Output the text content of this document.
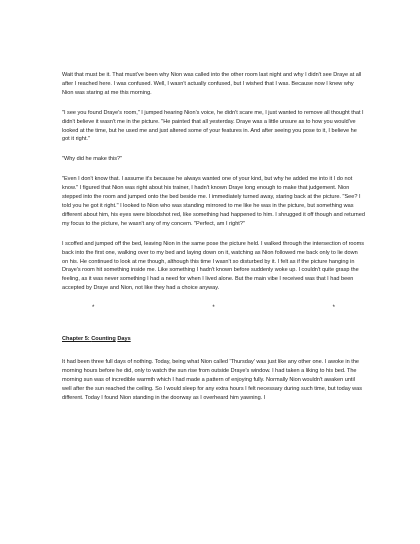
Wait that must be it. That must've been why Nion was called into the other room last night and why I didn't see Draye at all after I reached here. I was confused. Well, I wasn't actually confused, but I wished that I was. Because now I knew why Nion was staring at me this morning.

"I see you found Draye's room," I jumped hearing Nion's voice, he didn't scare me, I just wanted to remove all thought that I didn't believe it wasn't me in the picture. "He painted that all yesterday. Draye was a little unsure as to how you would've looked at the time, but he used me and just altered some of your features in. And after seeing you pose to it, I believe he got it right."

"Why did he make this?"

"Even I don't know that. I assume it's because he always wanted one of your kind, but why he added me into it I do not know." I figured that Nion was right about his trainer, I hadn't known Draye long enough to make that judgement. Nion stepped into the room and jumped onto the bed beside me. I immediately turned away, staring back at the picture. "See? I told you he got it right." I looked to Nion who was standing mirrored to me like he was in the picture, but something was different about him, his eyes were bloodshot red, like something had happened to him. I shrugged it off though and returned my focus to the picture, he wasn't any of my concern. "Perfect, am I right?"

I scoffed and jumped off the bed, leaving Nion in the same pose the picture held. I walked through the intersection of rooms back into the first one, walking over to my bed and laying down on it, watching as Nion followed me back only to lie down on his. He continued to look at me though, although this time I wasn't so disturbed by it. I felt as if the picture hanging in Draye's room hit something inside me. Like something I hadn't known before suddenly woke up. I couldn't quite grasp the feeling, as it was never something I had a need for when I lived alone. But the main vibe I received was that I had been accepted by Draye and Nion, not like they had a choice anyway.

*	*	*
Chapter 5: Counting Days

It had been three full days of nothing. Today, being what Nion called 'Thursday' was just like any other one. I awoke in the morning hours before he did, only to watch the sun rise from outside Draye's window. I had taken a liking to his bed. The morning sun was of incredible warmth which I had made a pattern of enjoying fully. Normally Nion wouldn't awaken until well after the sun reached the ceiling. So I would sleep for any extra hours I felt necessary during such time, but today was different. Today I found Nion standing in the doorway as I overheard him yawning. I
